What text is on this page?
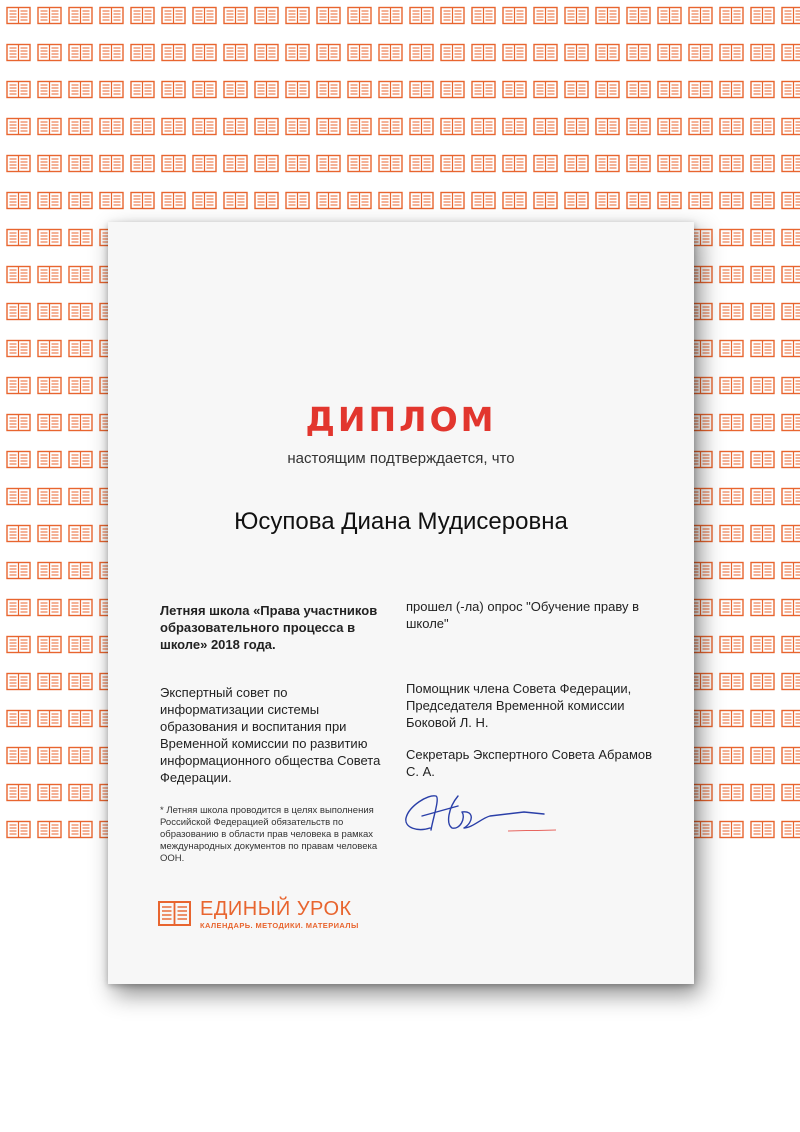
ДИПЛОМ
настоящим подтверждается, что
Юсупова Диана Мудисеровна
Летняя школа «Права участников образовательного процесса в школе» 2018 года.
прошел (-ла) опрос "Обучение праву в школе"
Экспертный совет по информатизации системы образования и воспитания при Временной комиссии по развитию информационного общества Совета Федерации.
Помощник члена Совета Федерации, Председателя Временной комиссии Боковой Л. Н.
Секретарь Экспертного Совета Абрамов С. А.
* Летняя школа проводится в целях выполнения Российской Федерацией обязательств по образованию в области прав человека в рамках международных документов по правам человека ООН.
ЕДИНЫЙ УРОК
КАЛЕНДАРЬ. МЕТОДИКИ. МАТЕРИАЛЫ
